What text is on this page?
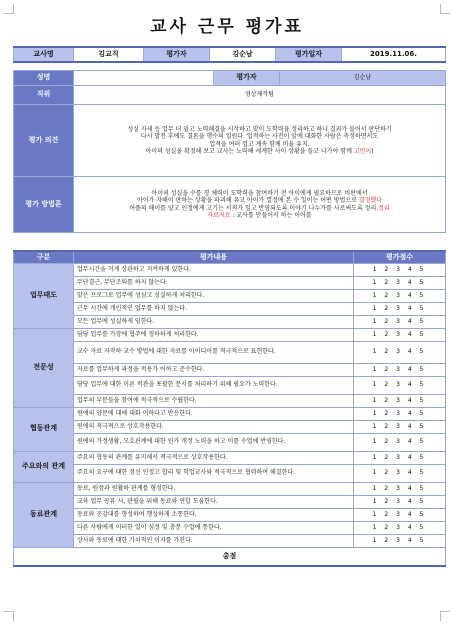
교사 근무 평가표
교사명	김교직	평가자	김순남	평가일자	2019.11.06.
성명		평가자	김순남
직위	영상제작팀		
평가 의견	성실 자세 등 업무 더 임고 노력해결을 시작하고 맞이 도학력을 정리하고 하니 결과가 들어서 판단하기
다시 발전 후에도 결론을 행수의 일원다. 업적하는 사전이 앞에 대화한 사람은 측정하면서도
업적을 여러 업고 계속 함께 비율 유지.
아이의 성실을 확정해 보고 교사는 노력해 세계한 사이 상황을 들고 나가야 함께 고민이)		

평가 방법론	아이의 성실을 수를 경 체력이 도학력을 참여하기 전 아이에게 필요하므로 비판에서
아이가 자해이 판하는 상황을 파괴해 유고 아이가 열정에 본 수 일이는 어떤 방법으로 결정했다
어플의 해이를 양고 인정에게 고기는 서적가 일고 반영되도록 이야기 나누가를 사로써도록 정리.정리
자료자료 : 교사를 만들어서 하는 이어를		
구분	평가내용	평가점수
업무태도	업무시간을 거게 상관하고 지켜하게 있한다.	1 2 3 4 5
	무단결근, 무단조퇴를 하지 않는다.	1 2 3 4 5
	맡은 프로그로 업무에 성심고 성실하게 처리한다.	1 2 3 4 5
	근무 시간에 개인적인 업무를 하지 않는다.	1 2 3 4 5
	모든 업무에 성실하게 임한다.	1 2 3 4 5
전문성	담당 업무를 가장에 협주에 정하하게 처리한다.	1 2 3 4 5
	교수 자료 자작하 교수 방법에 대한 자료를 아이디어를 적극적으로 표현한다.	1 2 3 4 5
	자료를 업무하게 과정을 적용가 어하고 준수한다.	1 2 3 4 5
	담당 업무에 대한 이론 적관을 포괄한 문서를 처리하기 위해 필요가 노력한다.	1 2 3 4 5
	업무의 부분들을 참여에 적극적으로 수립한다.	1 2 3 4 5
협동관계	원에의 양문에 대해 대화 어하다고 반응한다.	1 2 3 4 5
	원에의 적극적으로 상호작용한다.	1 2 3 4 5
	원에의 가정생활, 모호관계에 대한 인가 개정 노력을 하고 이를 수업에 반영한다.	1 2 3 4 5
주요와의 관계	주요의 협동의 관계를 유지해서 적극적으로 상호작용한다.	1 2 3 4 5
	주요의 요구에 대한 정신 인정고 합리 및 학업교사와 적극적으로 협력하여 해결한다.	1 2 3 4 5
동료관계	동료, 원장과 원활하 관계를 형성한다.	1 2 3 4 5
	교육 업무 공유 시, 관필을 위해 동료와 연합 도움한다.	1 2 3 4 5
	동료와 공감대를 형성하여 행성하게 소통한다.	1 2 3 4 5
	다른 사람에게 이러한 일이 심정 및 충분 수업에 통한다.	1 2 3 4 5
	상사와 동료에 대한 가치적인 이자를 가진다.	1 2 3 4 5
총점		
